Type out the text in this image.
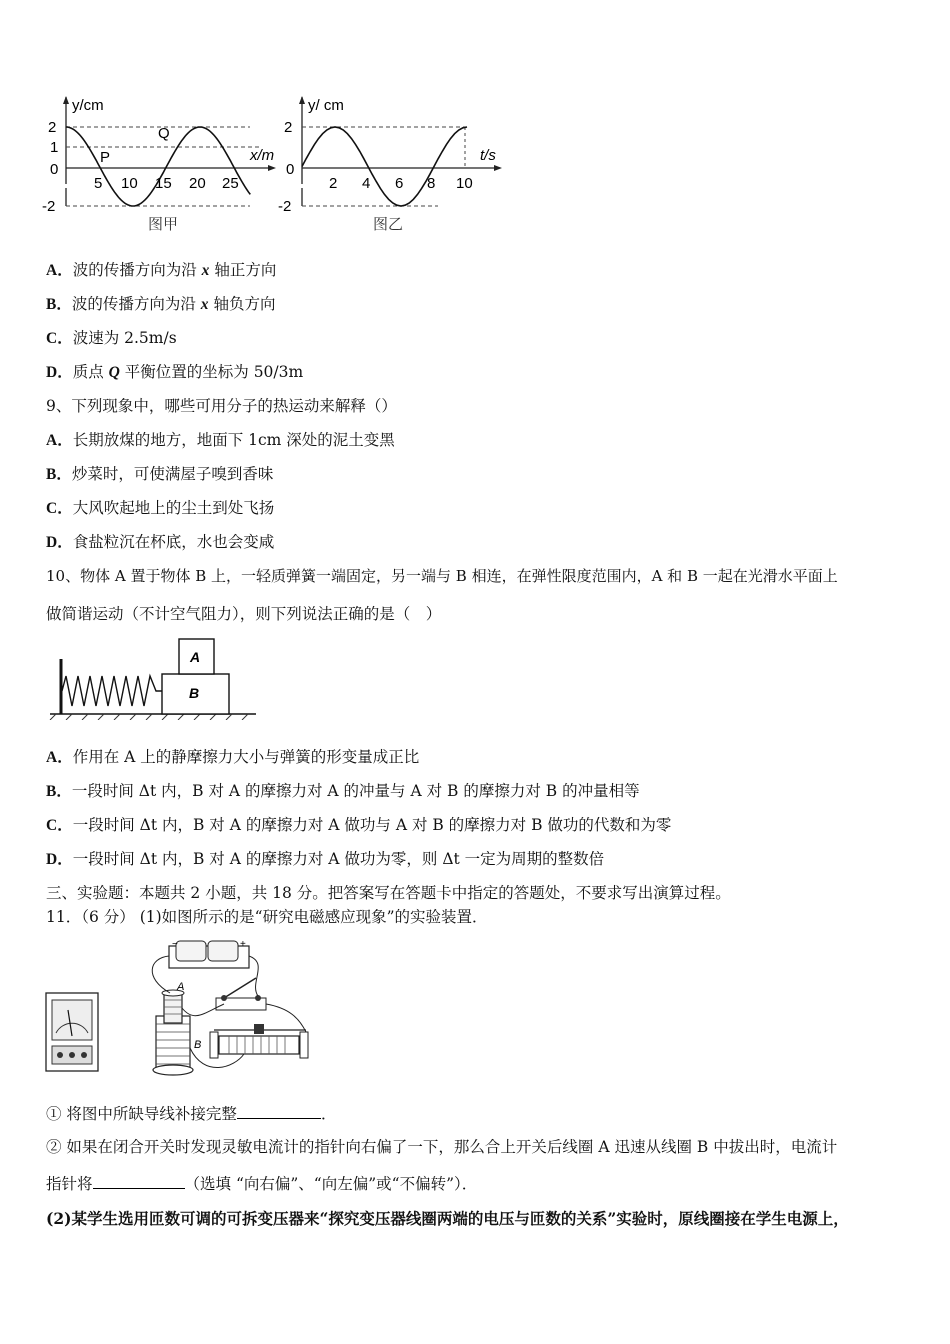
y/cm
x/m
2
1
0
-2
5 10 15 20 25
P
Q
图甲
y/ cm
t/s
2
0
-2
2 4 6 8 10
图乙
A．波的传播方向为沿 x 轴正方向
B．波的传播方向为沿 x 轴负方向
C．波速为 2.5m/s
D．质点 Q 平衡位置的坐标为 50/3m
9、下列现象中，哪些可用分子的热运动来解释（）
A．长期放煤的地方，地面下 1cm 深处的泥土变黑
B．炒菜时，可使满屋子嗅到香味
C．大风吹起地上的尘土到处飞扬
D．食盐粒沉在杯底，水也会变咸
10、物体 A 置于物体 B 上，一轻质弹簧一端固定，另一端与 B 相连，在弹性限度范围内，A 和 B 一起在光滑水平面上
做简谐运动（不计空气阻力），则下列说法正确的是（　）
A
B
A．作用在 A 上的静摩擦力大小与弹簧的形变量成正比
B．一段时间 Δt 内，B 对 A 的摩擦力对 A 的冲量与 A 对 B 的摩擦力对 B 的冲量相等
C．一段时间 Δt 内，B 对 A 的摩擦力对 A 做功与 A 对 B 的摩擦力对 B 做功的代数和为零
D．一段时间 Δt 内，B 对 A 的摩擦力对 A 做功为零，则 Δt 一定为周期的整数倍
三、实验题：本题共 2 小题，共 18 分。把答案写在答题卡中指定的答题处，不要求写出演算过程。
11．（6 分） (1)如图所示的是“研究电磁感应现象”的实验装置．
−	+
A
B
① 将图中所缺导线补接完整	．
② 如果在闭合开关时发现灵敏电流计的指针向右偏了一下，那么合上开关后线圈 A 迅速从线圈 B 中拔出时，电流计
指针将	（选填 “向右偏”、“向左偏”或“不偏转”）．
(2)某学生选用匝数可调的可拆变压器来“探究变压器线圈两端的电压与匝数的关系”实验时，原线圈接在学生电源上，
